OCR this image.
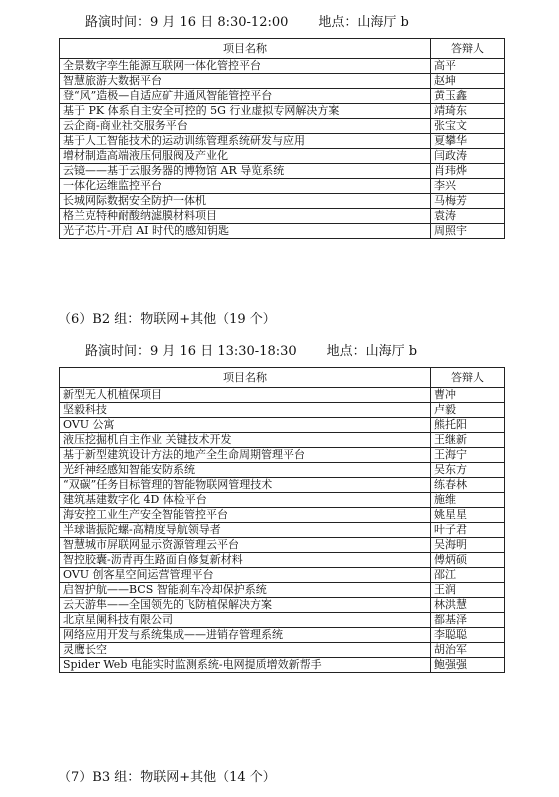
路演时间：9 月 16 日 8:30-12:00 地点：山海厅 b
项目名称	答辩人
全景数字孪生能源互联网一体化管控平台	高平
智慧旅游大数据平台	赵坤
登“风”造极—自适应矿井通风智能管控平台	黄玉鑫
基于 PK 体系自主安全可控的 5G 行业虚拟专网解决方案	靖琦东
云企商-商业社交服务平台	张宝文
基于人工智能技术的运动训练管理系统研发与应用	夏攀华
增材制造高端液压伺服阀及产业化	闫政涛
云镜——基于云服务器的博物馆 AR 导览系统	肖玮烨
一体化运维监控平台	李兴
长城网际数据安全防护一体机	马梅芳
格兰克特种耐酸纳滤膜材料项目	袁涛
光子芯片-开启 AI 时代的感知钥匙	周照宇
（6）B2 组：物联网+其他（19 个）
路演时间：9 月 16 日 13:30-18:30 地点：山海厅 b
项目名称	答辩人
新型无人机植保项目	曹冲
坚毅科技	卢毅
OVU 公寓	熊托阳
液压挖掘机自主作业 关键技术开发	王继新
基于新型建筑设计方法的地产全生命周期管理平台	王海宁
光纤神经感知智能安防系统	吴东方
“双碳”任务目标管理的智能物联网管理技术	练春林
建筑基建数字化 4D 体检平台	施维
海安控工业生产安全智能管控平台	姚星星
半球谐振陀螺-高精度导航领导者	叶子君
智慧城市屏联网显示资源管理云平台	吴海明
智控胶囊-沥青再生路面自修复新材料	傅炳硕
OVU 创客星空间运营管理平台	邵江
启智护航——BCS 智能刹车冷却保护系统	王润
云天游隼——全国领先的飞防植保解决方案	林洪慧
北京星阑科技有限公司	都基泽
网络应用开发与系统集成——进销存管理系统	李聪聪
灵鹰长空	胡治军
Spider Web 电能实时监测系统-电网提质增效新帮手	鲍强强
（7）B3 组：物联网+其他（14 个）
